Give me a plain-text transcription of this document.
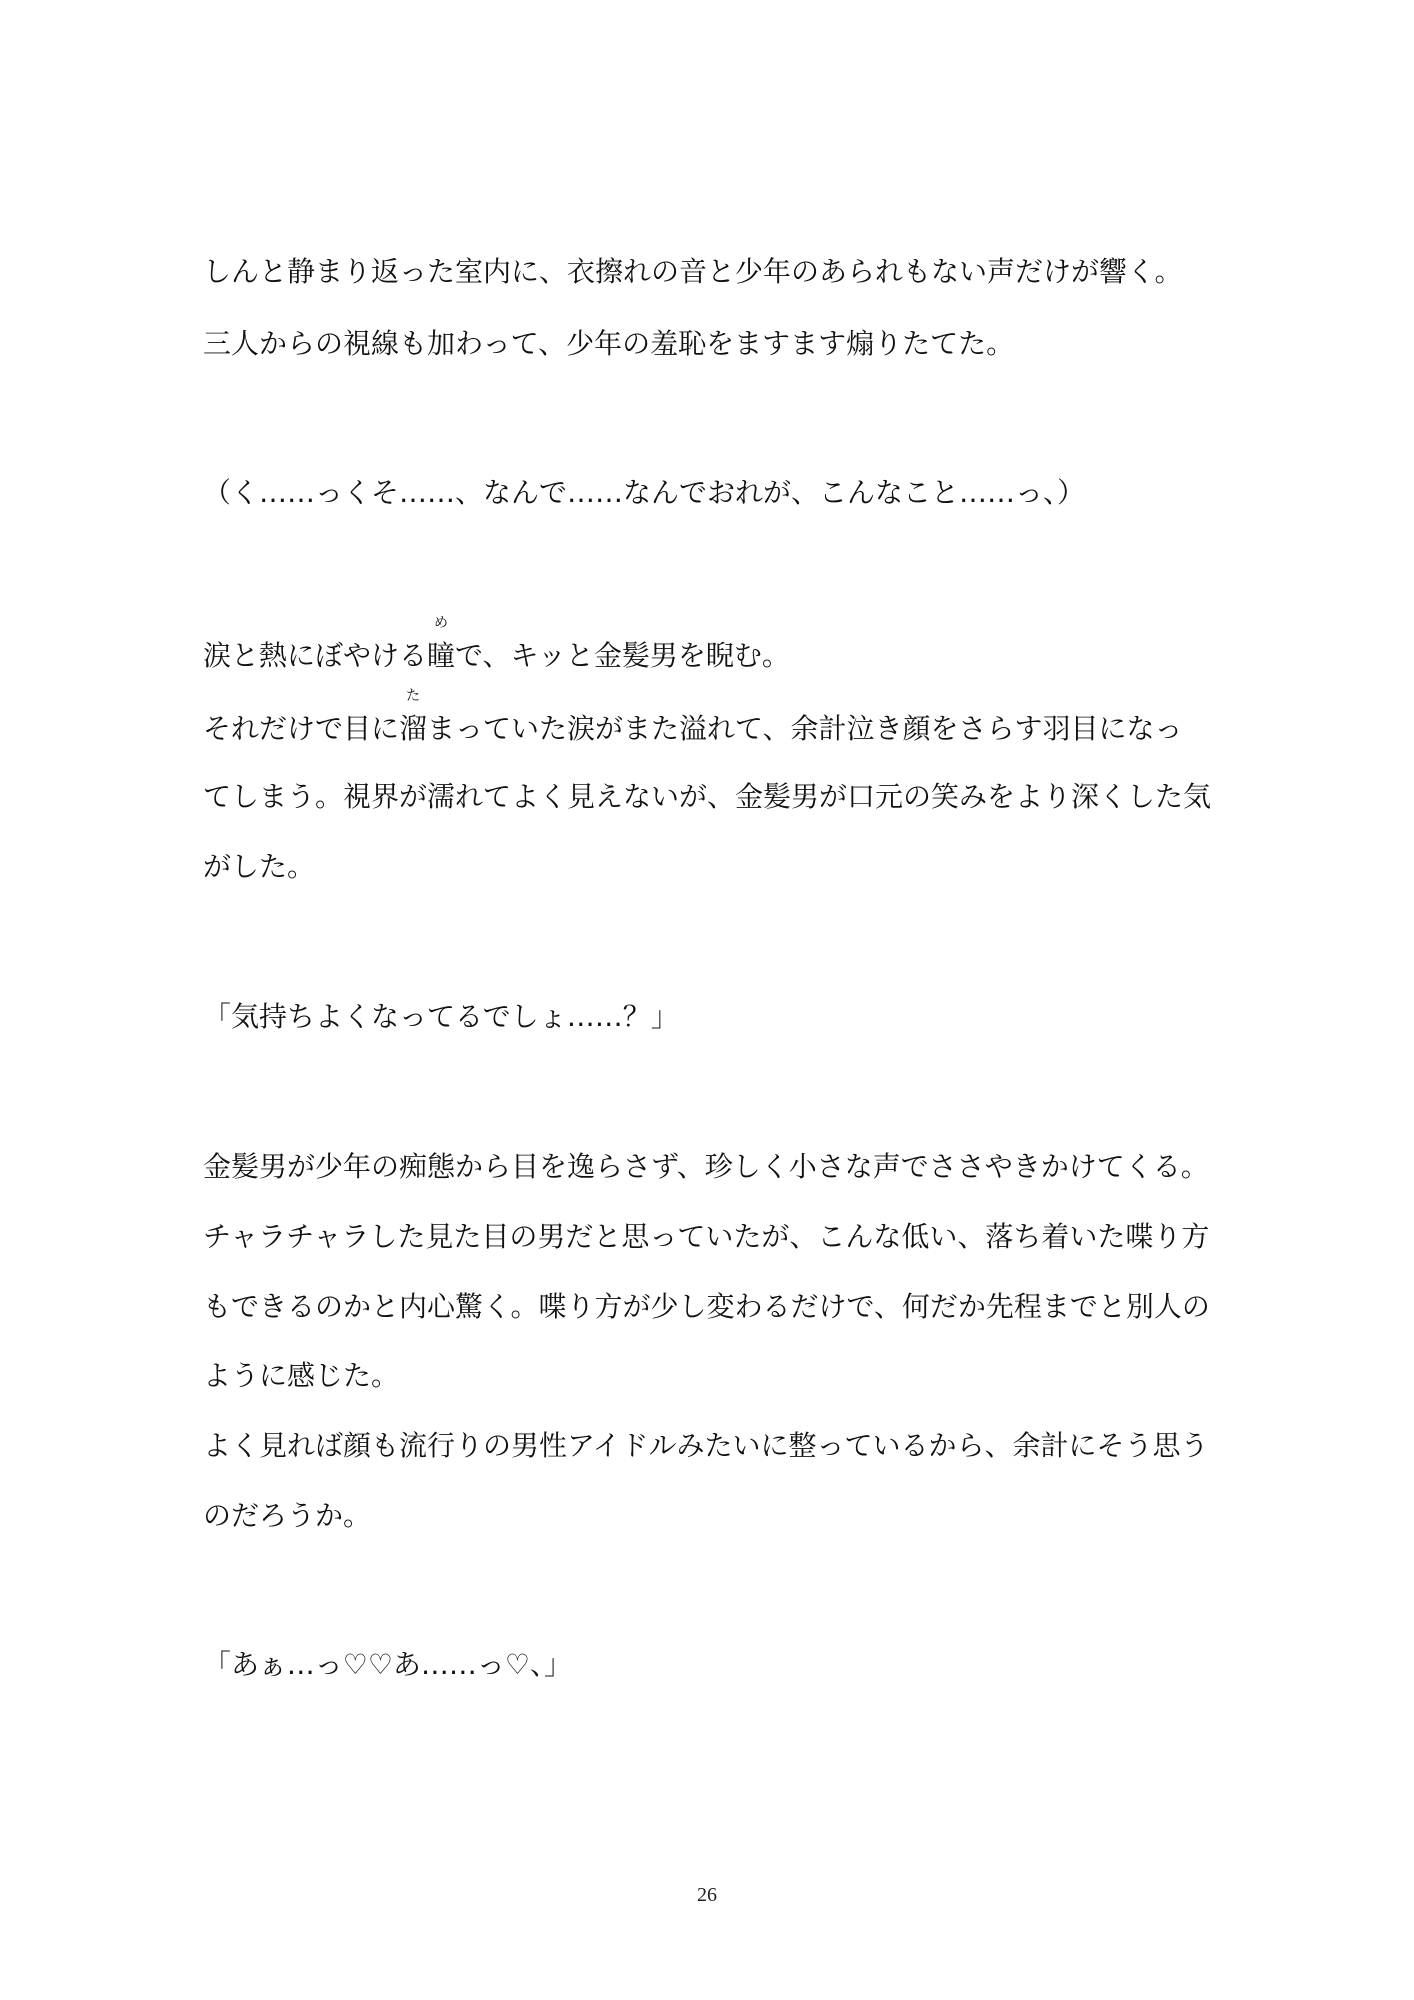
しんと静まり返った室内に、衣擦れの音と少年のあられもない声だけが響く。
三人からの視線も加わって、少年の羞恥をますます煽りたてた。
（く……っくそ……、なんで……なんでおれが、こんなこと……っ、）
涙と熱にぼやける瞳
め
で、キッと金髪男を睨む。
それだけで目に溜
た
まっていた涙がまた溢れて、余計泣き顔をさらす羽目になっ
てしまう。視界が濡れてよく見えないが、金髪男が口元の笑みをより深くした気
がした。
「気持ちよくなってるでしょ……？」
金髪男が少年の痴態から目を逸らさず、珍しく小さな声でささやきかけてくる。
チャラチャラした見た目の男だと思っていたが、こんな低い、落ち着いた喋り方
もできるのかと内心驚く。喋り方が少し変わるだけで、何だか先程までと別人の
ように感じた。
よく見れば顔も流行りの男性アイドルみたいに整っているから、余計にそう思う
のだろうか。
「あぁ…っ♡♡あ……っ♡、」
26
